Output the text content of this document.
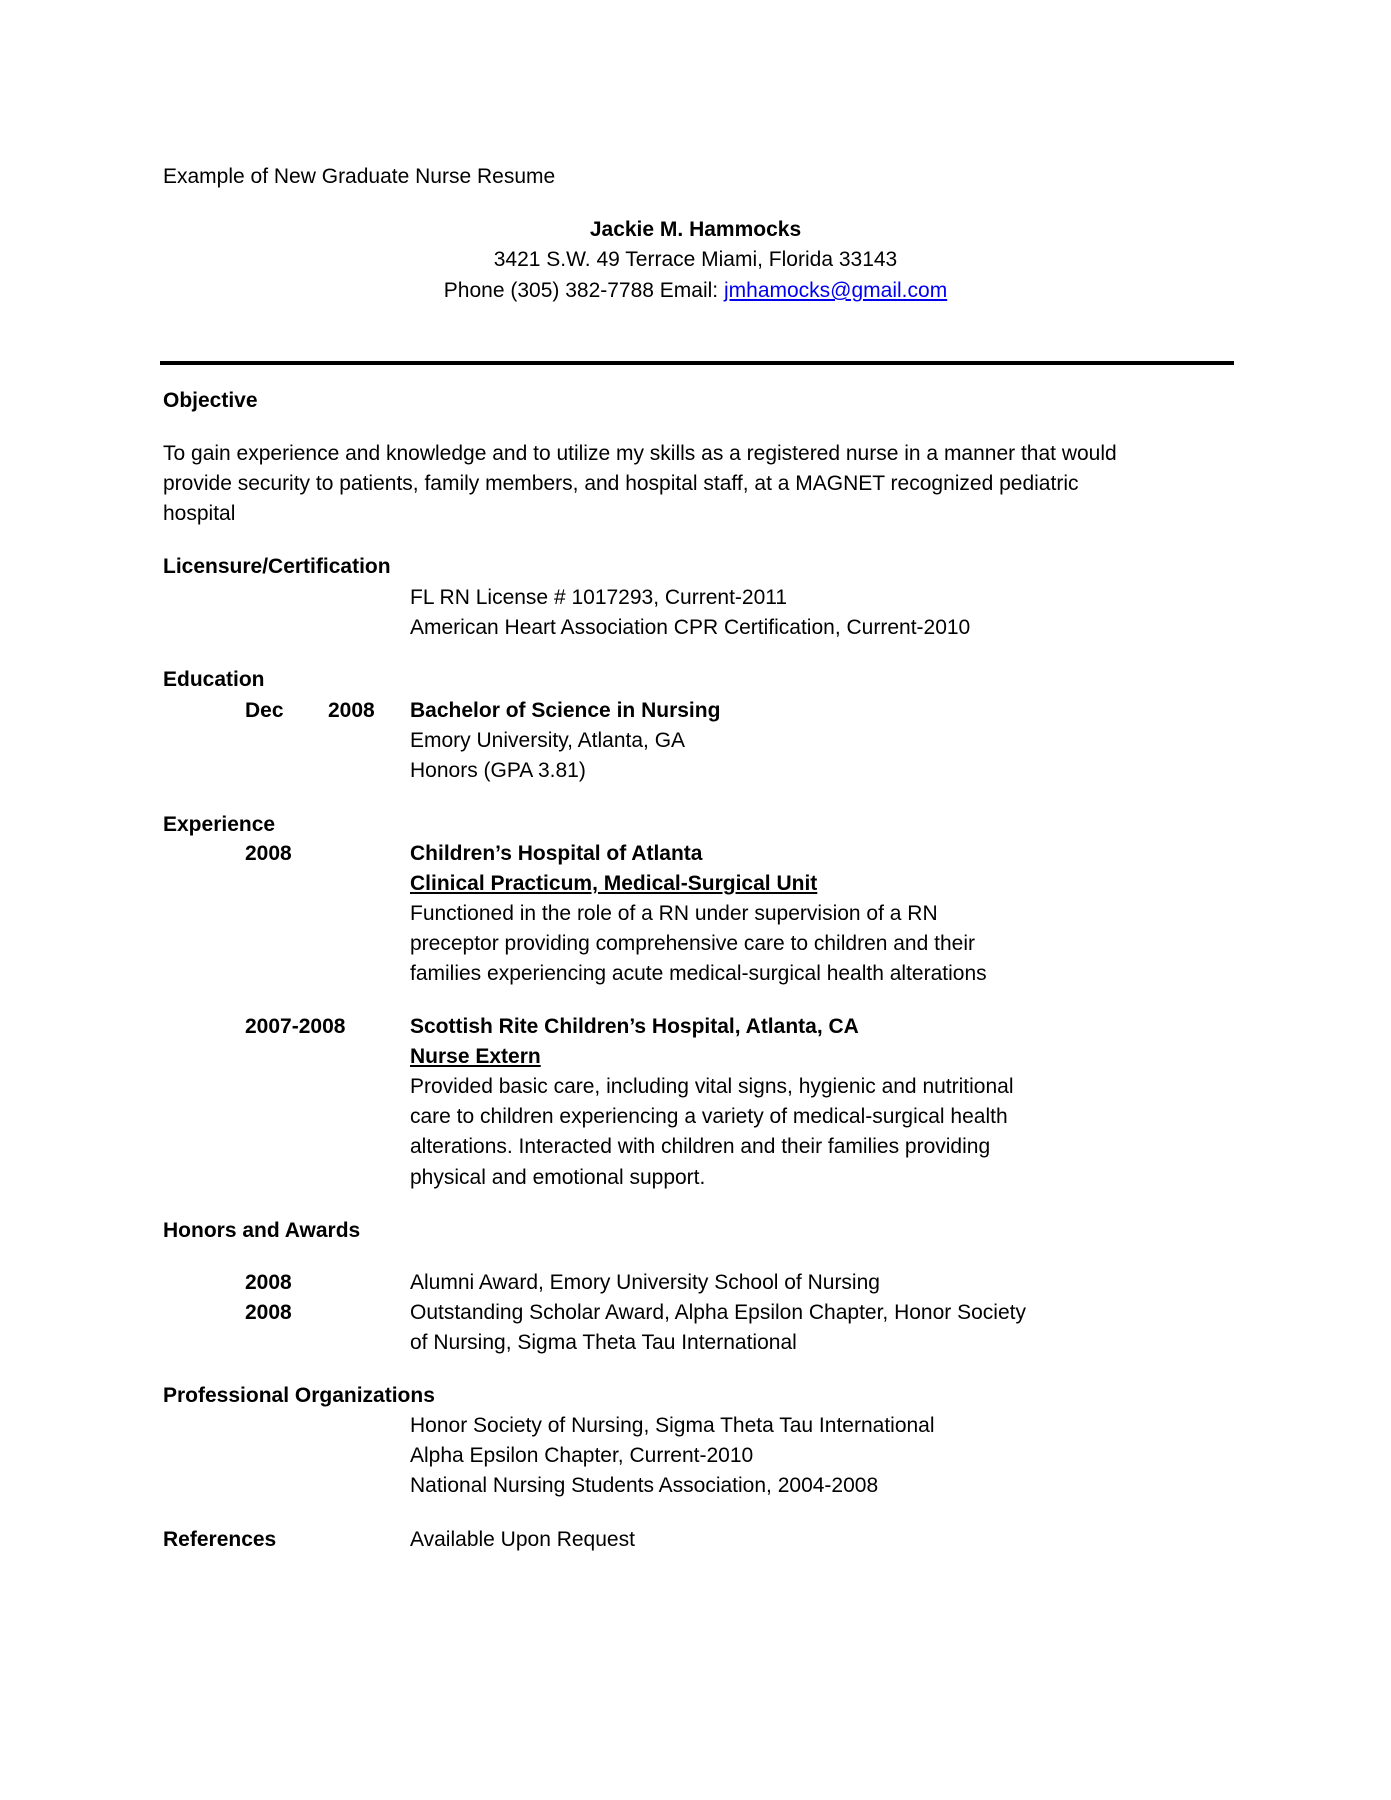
Example of New Graduate Nurse Resume
Jackie M. Hammocks
3421 S.W. 49 Terrace Miami, Florida 33143
Phone (305) 382-7788 Email: jmhamocks@gmail.com
Objective
To gain experience and knowledge and to utilize my skills as a registered nurse in a manner that would
provide security to patients, family members, and hospital staff, at a MAGNET recognized pediatric
hospital
Licensure/Certification
FL RN License # 1017293, Current-2011
American Heart Association CPR Certification, Current-2010
Education
Dec 2008 Bachelor of Science in Nursing
Emory University, Atlanta, GA
Honors (GPA 3.81)
Experience
2008	Children’s Hospital of Atlanta
Clinical Practicum, Medical-Surgical Unit
Functioned in the role of a RN under supervision of a RN
preceptor providing comprehensive care to children and their
families experiencing acute medical-surgical health alterations
2007-2008	Scottish Rite Children’s Hospital, Atlanta, CA
Nurse Extern
Provided basic care, including vital signs, hygienic and nutritional
care to children experiencing a variety of medical-surgical health
alterations. Interacted with children and their families providing
physical and emotional support.
Honors and Awards
2008	Alumni Award, Emory University School of Nursing
2008	Outstanding Scholar Award, Alpha Epsilon Chapter, Honor Society
of Nursing, Sigma Theta Tau International
Professional Organizations
Honor Society of Nursing, Sigma Theta Tau International
Alpha Epsilon Chapter, Current-2010
National Nursing Students Association, 2004-2008
References	Available Upon Request
